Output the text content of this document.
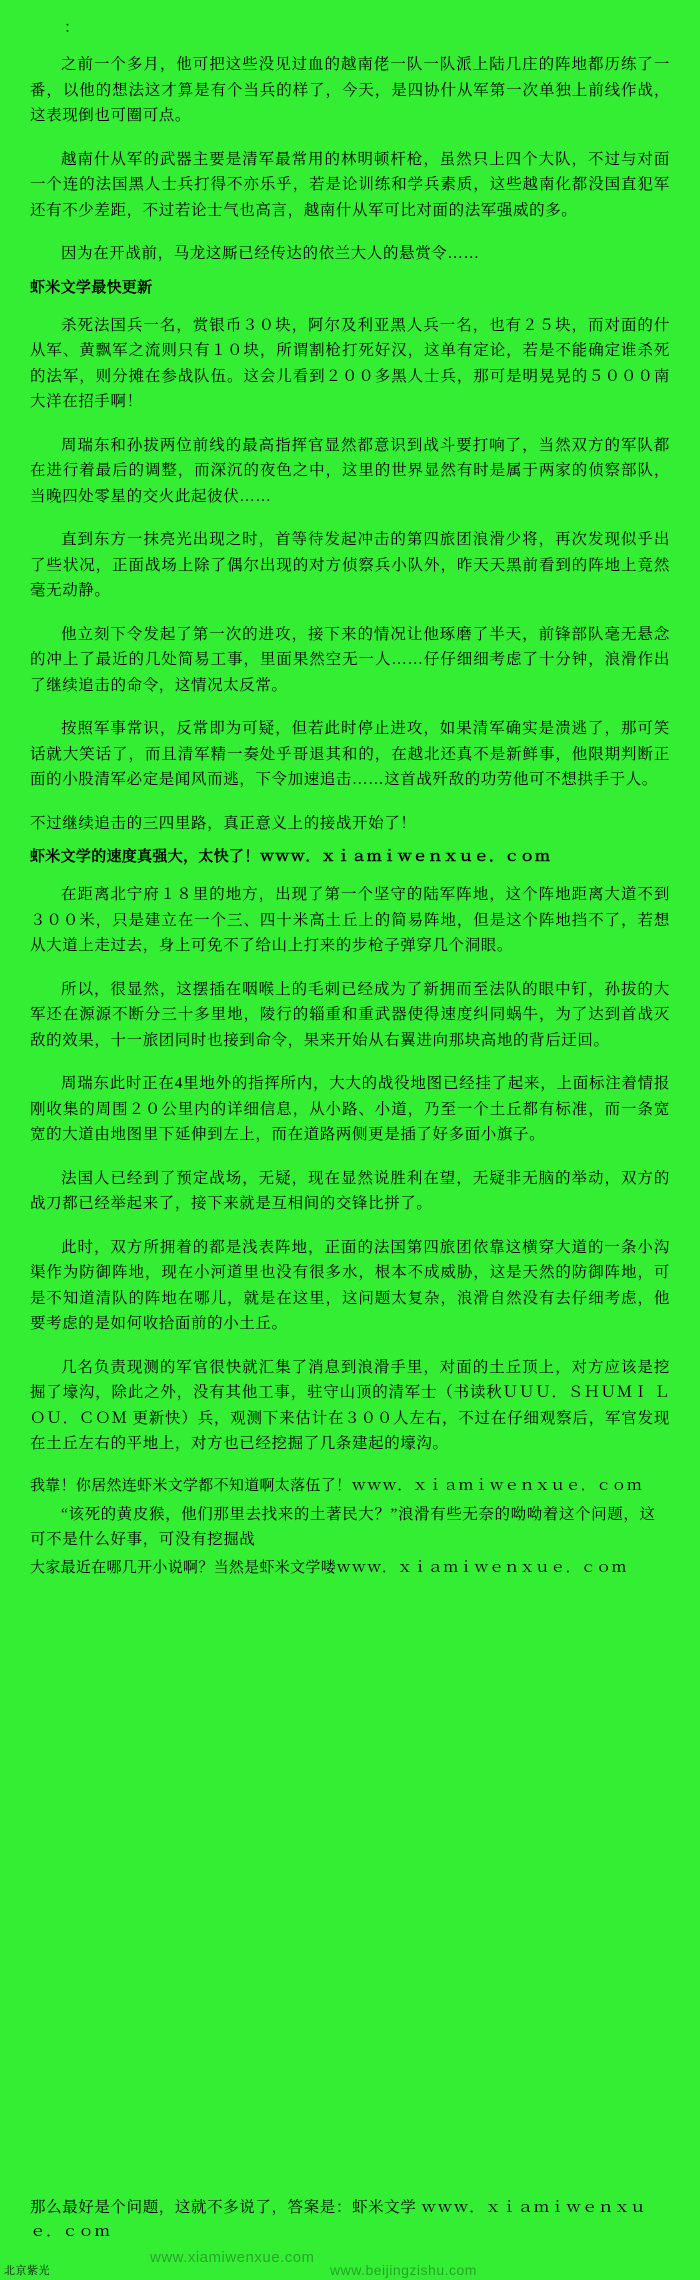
：

之前一个多月，他可把这些没见过血的越南佬一队一队派上陆几庄的阵地都历练了一番，以他的想法这才算是有个当兵的样了，今天，是四协什从军第一次单独上前线作战，这表现倒也可圈可点。

越南什从军的武器主要是清军最常用的林明顿杆枪，虽然只上四个大队，不过与对面一个连的法国黑人士兵打得不亦乐乎，若是论训练和学兵素质，这些越南化都没国直犯军还有不少差距，不过若论士气也高言，越南什从军可比对面的法军强威的多。

因为在开战前，马龙这厮已经传达的依兰大人的悬赏令……

虾米文学最快更新

杀死法国兵一名，赏银币３０块，阿尔及利亚黑人兵一名，也有２５块，而对面的什从军、黄飘军之流则只有１０块，所谓割枪打死好汉，这单有定论，若是不能确定谁杀死的法军，则分摊在参战队伍。这会儿看到２００多黑人士兵，那可是明晃晃的５０００南大洋在招手啊！

周瑞东和孙拔两位前线的最高指挥官显然都意识到战斗要打响了，当然双方的军队都在进行着最后的调整，而深沉的夜色之中，这里的世界显然有时是属于两家的侦察部队，当晚四处零星的交火此起彼伏……

直到东方一抹亮光出现之时，首等待发起冲击的第四旅团浪滑少将，再次发现似乎出了些状况，正面战场上除了偶尔出现的对方侦察兵小队外，昨天天黑前看到的阵地上竟然毫无动静。

他立刻下令发起了第一次的进攻，接下来的情况让他琢磨了半天，前锋部队毫无悬念的冲上了最近的几处简易工事，里面果然空无一人……仔仔细细考虑了十分钟，浪滑作出了继续追击的命令，这情况太反常。

按照军事常识，反常即为可疑，但若此时停止进攻，如果清军确实是溃逃了，那可笑话就大笑话了，而且清军精一奏处乎哥退其和的，在越北还真不是新鲜事，他限期判断正面的小股清军必定是闻风而逃，下令加速追击……这首战歼敌的功劳他可不想拱手于人。

不过继续追击的三四里路，真正意义上的接战开始了！

虾米文学的速度真强大，太快了！ｗｗｗ．ｘｉａｍｉｗｅｎｘｕｅ．ｃｏｍ

在距离北宁府１８里的地方，出现了第一个坚守的陆军阵地，这个阵地距离大道不到３００米，只是建立在一个三、四十米高土丘上的简易阵地，但是这个阵地挡不了，若想从大道上走过去，身上可免不了给山上打来的步枪子弹穿几个洞眼。

所以，很显然，这摆插在咽喉上的毛刺已经成为了新拥而至法队的眼中钉，孙拔的大军还在源源不断分三十多里地，陵行的辎重和重武器使得速度纠同蜗牛，为了达到首战灭敌的效果，十一旅团同时也接到命令，果来开始从右翼进向那块高地的背后迂回。

周瑞东此时正在4里地外的指挥所内，大大的战役地图已经挂了起来，上面标注着情报刚收集的周围２０公里内的详细信息，从小路、小道，乃至一个土丘都有标准，而一条宽宽的大道由地图里下延伸到左上，而在道路两侧更是插了好多面小旗子。

法国人已经到了预定战场，无疑，现在显然说胜利在望，无疑非无脑的举动，双方的战刀都已经举起来了，接下来就是互相间的交锋比拼了。

此时，双方所拥着的都是浅表阵地，正面的法国第四旅团依靠这横穿大道的一条小沟渠作为防御阵地，现在小河道里也没有很多水，根本不成威胁，这是天然的防御阵地，可是不知道清队的阵地在哪儿，就是在这里，这问题太复杂，浪滑自然没有去仔细考虑，他要考虑的是如何收拾面前的小土丘。

几名负责现测的军官很快就汇集了消息到浪滑手里，对面的土丘顶上，对方应该是挖掘了壕沟，除此之外，没有其他工事，驻守山顶的清军士（书读秋ＵＵＵ．ＳＨＵＭＩ ＬＯＵ．ＣＯＭ 更新快）兵，观测下来估计在３００人左右，不过在仔细观察后，军官发现在土丘左右的平地上，对方也已经挖掘了几条建起的壕沟。

我靠！你居然连虾米文学都不知道啊太落伍了！ｗｗｗ．ｘｉａｍｉｗｅｎｘｕｅ．ｃｏｍ
“该死的黄皮猴，他们那里去找来的土著民大？”浪滑有些无奈的呦呦着这个问题，这可不是什么好事，可没有挖掘战
大家最近在哪几开小说啊？当然是虾米文学喽ｗｗｗ．ｘｉａｍｉｗｅｎｘｕｅ．ｃｏｍ
那么最好是个问题，这就不多说了，答案是：虾米文学 ｗｗｗ．ｘｉａｍｉｗｅｎｘｕｅ．ｃｏｍ
北京紫光
www.xiamiwenxue.com
www.beijingzishu.com
